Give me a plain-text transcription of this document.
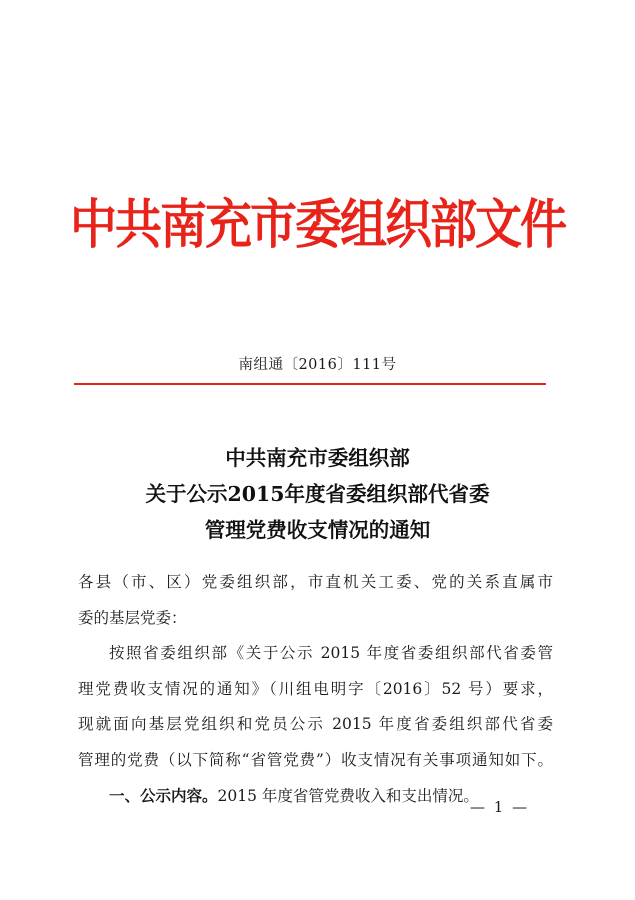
中共南充市委组织部文件
南组通〔2016〕111号
中共南充市委组织部
关于公示2015年度省委组织部代省委
管理党费收支情况的通知
各县（市、区）党委组织部，市直机关工委、党的关系直属市
委的基层党委：
按照省委组织部《关于公示 2015 年度省委组织部代省委管
理党费收支情况的通知》（川组电明字〔2016〕52 号）要求，
现就面向基层党组织和党员公示 2015 年度省委组织部代省委
管理的党费（以下简称“省管党费”）收支情况有关事项通知如下。
一、公示内容。2015 年度省管党费收入和支出情况。
— 1 —
